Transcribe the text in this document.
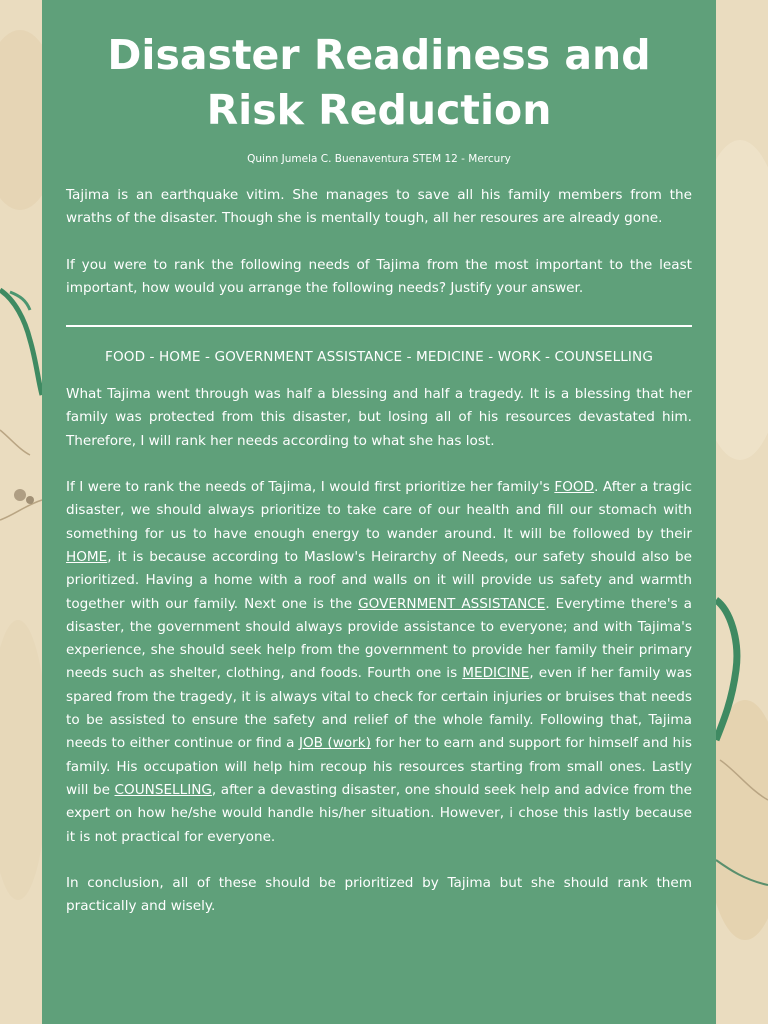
Disaster Readiness and
Risk Reduction
Quinn Jumela C. Buenaventura STEM 12 - Mercury

Tajima is an earthquake vitim. She manages to save all his family members from the wraths of the disaster. Though she is mentally tough, all her resoures are already gone.

If you were to rank the following needs of Tajima from the most important to the least important, how would you arrange the following needs? Justify your answer.

FOOD - HOME - GOVERNMENT ASSISTANCE - MEDICINE - WORK - COUNSELLING

What Tajima went through was half a blessing and half a tragedy. It is a blessing that her family was protected from this disaster, but losing all of his resources devastated him. Therefore, I will rank her needs according to what she has lost.

If I were to rank the needs of Tajima, I would first prioritize her family's FOOD. After a tragic disaster, we should always prioritize to take care of our health and fill our stomach with something for us to have enough energy to wander around. It will be followed by their HOME, it is because according to Maslow's Heirarchy of Needs, our safety should also be prioritized. Having a home with a roof and walls on it will provide us safety and warmth together with our family. Next one is the GOVERNMENT ASSISTANCE. Everytime there's a disaster, the government should always provide assistance to everyone; and with Tajima's experience, she should seek help from the government to provide her family their primary needs such as shelter, clothing, and foods. Fourth one is MEDICINE, even if her family was spared from the tragedy, it is always vital to check for certain injuries or bruises that needs to be assisted to ensure the safety and relief of the whole family. Following that, Tajima needs to either continue or find a JOB (work) for her to earn and support for himself and his family. His occupation will help him recoup his resources starting from small ones. Lastly will be COUNSELLING, after a devasting disaster, one should seek help and advice from the expert on how he/she would handle his/her situation. However, i chose this lastly because it is not practical for everyone.

In conclusion, all of these should be prioritized by Tajima but she should rank them practically and wisely.
